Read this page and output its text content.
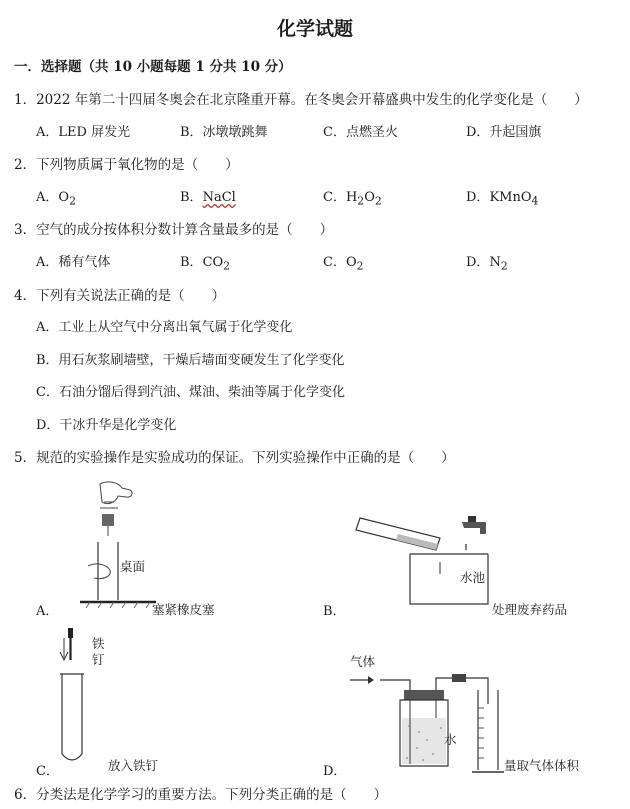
化学试题
一．选择题（共 10 小题每题 1 分共 10 分）
1．2022 年第二十四届冬奥会在北京隆重开幕。在冬奥会开幕盛典中发生的化学变化是（　　）
A．LED 屏发光	B．冰墩墩跳舞	C．点燃圣火	D．升起国旗
2．下列物质属于氧化物的是（　　）
A．$O_2$	B．NaCl	C．$H_2O_2$	D．KMnO$_4$
3．空气的成分按体积分数计算含量最多的是（　　）
A．稀有气体	B．$CO_2$	C．$O_2$	D．$N_2$
4．下列有关说法正确的是（　　）
A．工业上从空气中分离出氧气属于化学变化
B．用石灰浆刷墙壁，干燥后墙面变硬发生了化学变化
C．石油分馏后得到汽油、煤油、柴油等属于化学变化
D．干冰升华是化学变化
5．规范的实验操作是实验成功的保证。下列实验操作中正确的是（　　）
桌面
A．	塞紧橡皮塞
水池
B．	处理废弃药品
铁
钉
C．	放入铁钉
气体
水
D．	量取气体体积
6．分类法是化学学习的重要方法。下列分类正确的是（　　）
